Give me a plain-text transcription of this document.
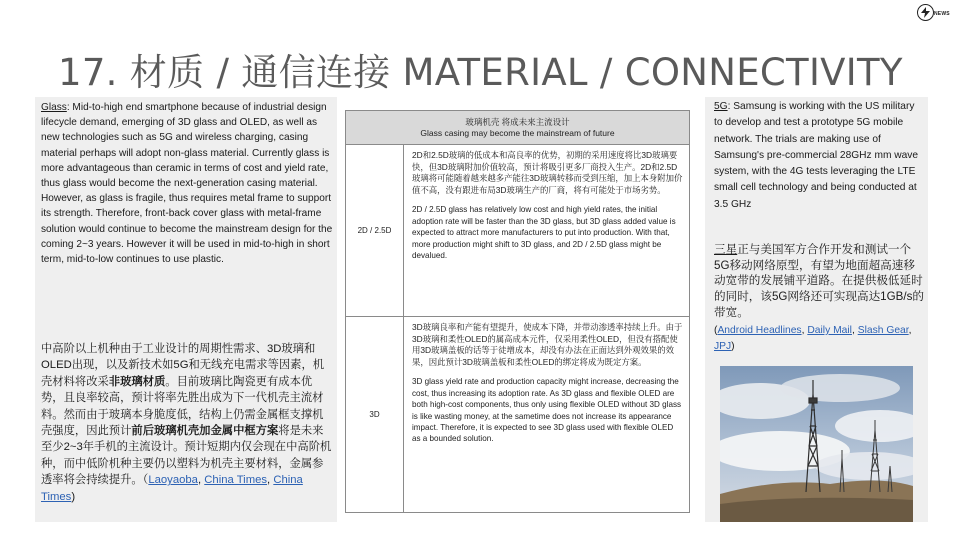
NEWS
17. 材质 / 通信连接 MATERIAL / CONNECTIVITY

Glass: Mid-to-high end smartphone because of industrial design lifecycle demand, emerging of 3D glass and OLED, as well as new technologies such as 5G and wireless charging, casing material perhaps will adopt non-glass material. Currently glass is more advantageous than ceramic in terms of cost and yield rate, thus glass would become the next-generation casing material. However, as glass is fragile, thus requires metal frame to support its strength. Therefore, front-back cover glass with metal-frame solution would continue to become the mainstream design for the coming 2~3 years. However it will be used in mid-to-high in short term, mid-to-low continues to use plastic.

中高阶以上机种由于工业设计的周期性需求、3D玻璃和OLED出现，以及新技术如5G和无线充电需求等因素，机壳材料将改采非玻璃材质。目前玻璃比陶瓷更有成本优势，且良率较高，预计将率先胜出成为下一代机壳主流材料。然而由于玻璃本身脆度低，结构上仍需金属框支撑机壳强度，因此预计前后玻璃机壳加金属中框方案将是未来至少2~3年手机的主流设计。预计短期内仅会现在中高阶机种，而中低阶机种主要仍以塑料为机壳主要材料，金属参透率将会持续提升。（Laoyaoba, China Times, China Times)

玻璃机壳 将成未来主流设计
Glass casing may become the mainstream of future	

2D / 2.5D	2D和2.5D玻璃的低成本和高良率的优势，初期的采用速度将比3D玻璃要快，但3D玻璃附加价值较高，预计将吸引更多厂商投入生产。2D和2.5D玻璃将可能随着越来越多产能往3D玻璃转移而受到压缩，加上本身附加价值不高，没有跟进布局3D玻璃生产的厂商，将有可能处于市场劣势。
2D / 2.5D glass has relatively low cost and high yield rates, the initial adoption rate will be faster than the 3D glass, but 3D glass added value is expected to attract more manufacturers to put into production. With that, more production might shift to 3D glass, and 2D / 2.5D glass might be devalued.

3D	3D玻璃良率和产能有望提升，使成本下降，并带动渗透率持续上升。由于3D玻璃和柔性OLED的属高成本元件，仅采用柔性OLED，但没有搭配使用3D玻璃盖板的话等于徒增成本，却没有办法在正面达到外观效果的效果，因此预计3D玻璃盖板和柔性OLED的绑定将成为既定方案。
3D glass yield rate and production capacity might increase, decreasing the cost, thus increasing its adoption rate. As 3D glass and flexible OLED are both high-cost components, thus only using flexible OLED without 3D glass is like wasting money, at the sametime does not increase its appearance impact. Therefore, it is expected to see 3D glass used with flexible OLED as a bounded solution.

5G: Samsung is working with the US military to develop and test a prototype 5G mobile network. The trials are making use of Samsung's pre-commercial 28GHz mm wave system, with the 4G tests leveraging the LTE small cell technology and being conducted at 3.5 GHz

三星正与美国军方合作开发和测试一个5G移动网络原型，有望为地面超高速移动宽带的发展铺平道路。在提供极低延时的同时，该5G网络还可实现高达1GB/s的带宽。

(Android Headlines, Daily Mail, Slash Gear, JPJ)
